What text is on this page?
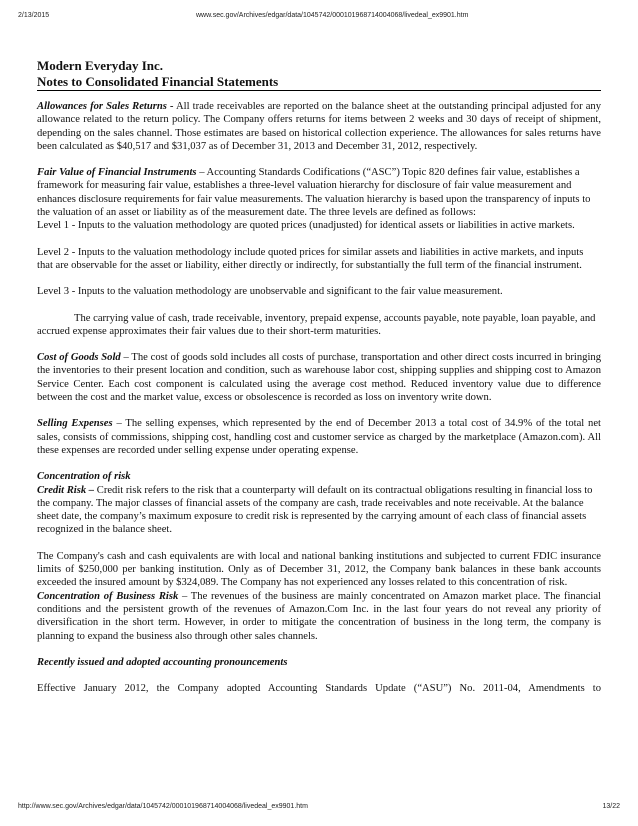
2/13/2015	www.sec.gov/Archives/edgar/data/1045742/000101968714004068/livedeal_ex9901.htm
Modern Everyday Inc.
Notes to Consolidated Financial Statements

Allowances for Sales Returns - All trade receivables are reported on the balance sheet at the outstanding principal adjusted for any allowance related to the return policy. The Company offers returns for items between 2 weeks and 30 days of receipt of shipment, depending on the sales channel. Those estimates are based on historical collection experience. The allowances for sales returns have been calculated as $40,517 and $31,037 as of December 31, 2013 and December 31, 2012, respectively.

Fair Value of Financial Instruments – Accounting Standards Codifications (“ASC”) Topic 820 defines fair value, establishes a framework for measuring fair value, establishes a three-level valuation hierarchy for disclosure of fair value measurement and enhances disclosure requirements for fair value measurements. The valuation hierarchy is based upon the transparency of inputs to the valuation of an asset or liability as of the measurement date. The three levels are defined as follows:

Level 1 - Inputs to the valuation methodology are quoted prices (unadjusted) for identical assets or liabilities in active markets.

Level 2 - Inputs to the valuation methodology include quoted prices for similar assets and liabilities in active markets, and inputs that are observable for the asset or liability, either directly or indirectly, for substantially the full term of the financial instrument.

Level 3 - Inputs to the valuation methodology are unobservable and significant to the fair value measurement.

The carrying value of cash, trade receivable, inventory, prepaid expense, accounts payable, note payable, loan payable, and accrued expense approximates their fair values due to their short-term maturities.

Cost of Goods Sold – The cost of goods sold includes all costs of purchase, transportation and other direct costs incurred in bringing the inventories to their present location and condition, such as warehouse labor cost, shipping supplies and shipping cost to Amazon Service Center. Each cost component is calculated using the average cost method. Reduced inventory value due to difference between the cost and the market value, excess or obsolescence is recorded as loss on inventory write down.

Selling Expenses – The selling expenses, which represented by the end of December 2013 a total cost of 34.9% of the total net sales, consists of commissions, shipping cost, handling cost and customer service as charged by the marketplace (Amazon.com). All these expenses are recorded under selling expense under operating expense.

Concentration of risk

Credit Risk – Credit risk refers to the risk that a counterparty will default on its contractual obligations resulting in financial loss to the company. The major classes of financial assets of the company are cash, trade receivables and note receivable. At the balance sheet date, the company’s maximum exposure to credit risk is represented by the carrying amount of each class of financial assets recognized in the balance sheet.

The Company's cash and cash equivalents are with local and national banking institutions and subjected to current FDIC insurance limits of $250,000 per banking institution. Only as of December 31, 2012, the Company bank balances in these bank accounts exceeded the insured amount by $324,089. The Company has not experienced any losses related to this concentration of risk.

Concentration of Business Risk – The revenues of the business are mainly concentrated on Amazon market place. The financial conditions and the persistent growth of the revenues of Amazon.Com Inc. in the last four years do not reveal any priority of diversification in the short term. However, in order to mitigate the concentration of business in the long term, the company is planning to expand the business also through other sales channels.

Recently issued and adopted accounting pronouncements

Effective January 2012, the Company adopted Accounting Standards Update (“ASU”) No. 2011-04, Amendments to

http://www.sec.gov/Archives/edgar/data/1045742/000101968714004068/livedeal_ex9901.htm	13/22
